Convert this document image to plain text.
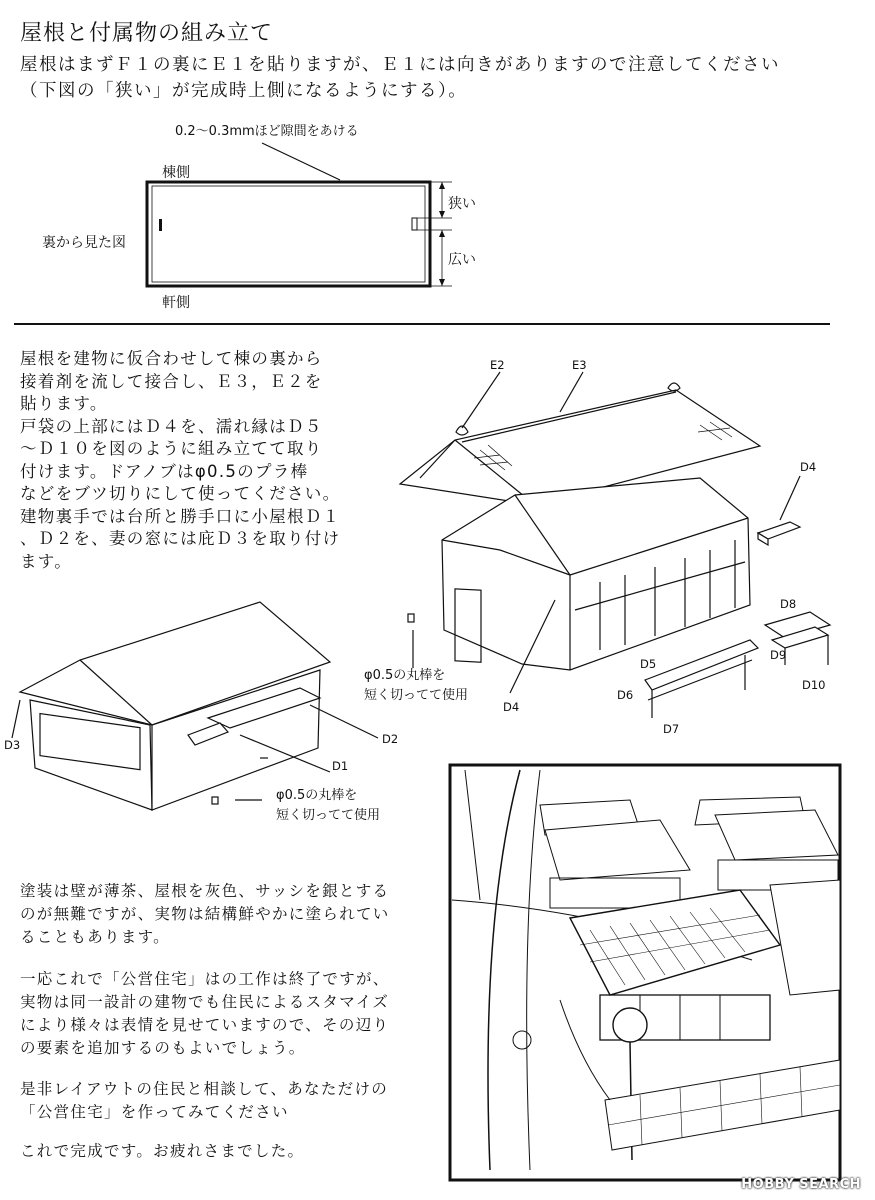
屋根と付属物の組み立て
屋根はまずＦ１の裏にＥ１を貼りますが、Ｅ１には向きがありますので注意してください
（下図の「狭い」が完成時上側になるようにする）。
0.2～0.3mmほど隙間をあける
棟側
軒側
裏から見た図
狭い
広い
屋根を建物に仮合わせして棟の裏から
接着剤を流して接合し、Ｅ３，Ｅ２を
貼ります。
戸袋の上部にはＤ４を、濡れ縁はＤ５
～Ｄ１０を図のように組み立てて取り
付けます。ドアノブはφ0.5のプラ棒
などをブツ切りにして使ってください。
建物裏手では台所と勝手口に小屋根Ｄ１
、Ｄ２を、妻の窓には庇Ｄ３を取り付け
ます。
E2	E3
D4
D4
D8
D9
D10
D5
D6
D7
D2
D1
D3
φ0.5の丸棒を
短く切ってて使用
φ0.5の丸棒を
短く切ってて使用
塗装は壁が薄茶、屋根を灰色、サッシを銀とする
のが無難ですが、実物は結構鮮やかに塗られてい
ることもあります。
一応これで「公営住宅」はの工作は終了ですが、
実物は同一設計の建物でも住民によるスタマイズ
により様々は表情を見せていますので、その辺り
の要素を追加するのもよいでしょう。
是非レイアウトの住民と相談して、あなただけの
「公営住宅」を作ってみてください
これで完成です。お疲れさまでした。
HOBBY SEARCH
